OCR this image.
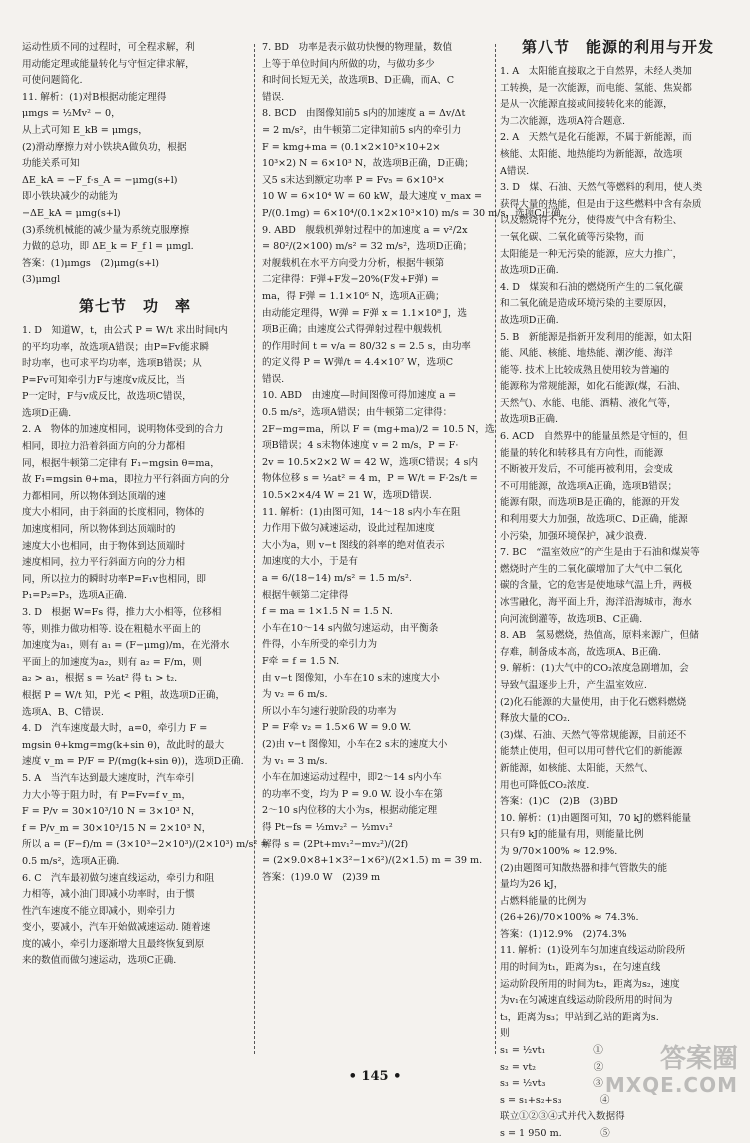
运动性质不同的过程时，可全程求解，利
用动能定理或能量转化与守恒定律求解，
可使问题简化.
11. 解析：(1)对B根据动能定理得
μmgs = ½Mv² − 0，
从上式可知 E_kB = μmgs，
(2)滑动摩擦力对小铁块A做负功，根据
功能关系可知
ΔE_kA = −F_f·s_A = −μmg(s+l)
即小铁块减少的动能为
−ΔE_kA = μmg(s+l)
(3)系统机械能的减少量为系统克服摩擦
力做的总功，即 ΔE_k = F_f l = μmgl.
答案：(1)μmgs　(2)μmg(s+l)
(3)μmgl
第七节　功　率
1. D　知道W，t，由公式 P = W/t 求出时间t内
的平均功率，故选项A错误；由P=Fv能求瞬
时功率，也可求平均功率，选项B错误；从
P=Fv可知牵引力F与速度v成反比，当
P一定时，F与v成反比，故选项C错误，
选项D正确.
2. A　物体的加速度相同，说明物体受到的合力
相同，即拉力沿着斜面方向的分力都相
同，根据牛顿第二定律有 F₁−mgsin θ=ma，
故 F₁=mgsin θ+ma，即拉力平行斜面方向的分
力都相同，所以物体到达顶端的速
度大小相同，由于斜面的长度相同，物体的
加速度相同，所以物体到达顶端时的
速度大小也相同，由于物体到达顶端时
速度相同，拉力平行斜面方向的分力相
同，所以拉力的瞬时功率P=F₁v也相同，即
P₁=P₂=P₃，选项A正确.
3. D　根据 W=Fs 得，推力大小相等，位移相
等，则推力做功相等. 设在粗糙水平面上的
加速度为a₁，则有 a₁ = (F−μmg)/m，在光滑水
平面上的加速度为a₂，则有 a₂ = F/m，则
a₂ > a₁，根据 s = ½at² 得 t₁ > t₂.
根据 P = W/t 知，P光 < P粗，故选项D正确，
选项A、B、C错误.
4. D　汽车速度最大时，a=0，牵引力 F =
mgsin θ+kmg=mg(k+sin θ)，故此时的最大
速度 v_m = P/F = P/(mg(k+sin θ))，选项D正确.
5. A　当汽车达到最大速度时，汽车牵引
力大小等于阻力时，有 P=Fv=f v_m，
F = P/v = 30×10³/10 N = 3×10³ N，
f = P/v_m = 30×10³/15 N = 2×10³ N，
所以 a = (F−f)/m = (3×10³−2×10³)/(2×10³) m/s² =
0.5 m/s²，选项A正确.
6. C　汽车最初做匀速直线运动，牵引力和阻
力相等，减小油门即减小功率时，由于惯
性汽车速度不能立即减小，则牵引力
变小，要减小，汽车开始做减速运动. 随着速
度的减小，牵引力逐渐增大且最终恢复到原
来的数值而做匀速运动，选项C正确.
7. BD　功率是表示做功快慢的物理量，数值
上等于单位时间内所做的功，与做功多少
和时间长短无关，故选项B、D正确，而A、C
错误.
8. BCD　由图像知前5 s内的加速度 a = Δv/Δt
= 2 m/s²，由牛顿第二定律知前5 s内的牵引力
F = kmg+ma = (0.1×2×10³×10+2×
10³×2) N = 6×10³ N，故选项B正确，D正确；
又5 s末达到额定功率 P = Fv₅ = 6×10³×
10 W = 6×10⁴ W = 60 kW，最大速度 v_max =
P/(0.1mg) = 6×10⁴/(0.1×2×10³×10) m/s = 30 m/s，选项C正确.
9. ABD　舰载机弹射过程中的加速度 a = v²/2x
= 80²/(2×100) m/s² = 32 m/s²，选项D正确；
对舰载机在水平方向受力分析，根据牛顿第
二定律得：F弹+F发−20%(F发+F弹) =
ma，得 F弹 = 1.1×10⁶ N，选项A正确；
由动能定理得，W弹 = F弹 x = 1.1×10⁸ J，选
项B正确；由速度公式得弹射过程中舰载机
的作用时间 t = v/a = 80/32 s = 2.5 s，由功率
的定义得 P = W弹/t = 4.4×10⁷ W，选项C
错误.
10. ABD　由速度—时间图像可得加速度 a =
0.5 m/s²，选项A错误；由牛顿第二定律得：
2F−mg=ma，所以 F = (mg+ma)/2 = 10.5 N，选
项B错误；4 s末物体速度 v = 2 m/s，P = F·
2v = 10.5×2×2 W = 42 W，选项C错误；4 s内
物体位移 s = ½at² = 4 m，P = W/t = F·2s/t =
10.5×2×4/4 W = 21 W，选项D错误.
11. 解析：(1)由图可知，14～18 s内小车在阻
力作用下做匀减速运动，设此过程加速度
大小为a，则 v−t 图线的斜率的绝对值表示
加速度的大小，于是有
a = 6/(18−14) m/s² = 1.5 m/s².
根据牛顿第二定律得
f = ma = 1×1.5 N = 1.5 N.
小车在10～14 s内做匀速运动，由平衡条
件得，小车所受的牵引力为
F牵 = f = 1.5 N.
由 v−t 图像知，小车在10 s末的速度大小
为 v₂ = 6 m/s.
所以小车匀速行驶阶段的功率为
P = F牵 v₂ = 1.5×6 W = 9.0 W.
(2)由 v−t 图像知，小车在2 s末的速度大小
为 v₁ = 3 m/s.
小车在加速运动过程中，即2～14 s内小车
的功率不变，均为 P = 9.0 W. 设小车在第
2～10 s内位移的大小为s，根据动能定理
得 Pt−fs = ½mv₂² − ½mv₁²
解得 s = (2Pt+mv₁²−mv₂²)/(2f)
= (2×9.0×8+1×3²−1×6²)/(2×1.5) m = 39 m.
答案：(1)9.0 W　(2)39 m
第八节　能源的利用与开发
1. A　太阳能直接取之于自然界，未经人类加
工转换，是一次能源，而电能、氢能、焦炭都
是从一次能源直接或间接转化来的能源，
为二次能源，选项A符合题意.
2. A　天然气是化石能源，不属于新能源，而
核能、太阳能、地热能均为新能源，故选项
A错误.
3. D　煤、石油、天然气等燃料的利用，使人类
获得大量的热能，但是由于这些燃料中含有杂质
以及燃烧得不充分，使得废气中含有粉尘、
一氧化碳、二氧化硫等污染物，而
太阳能是一种无污染的能源，应大力推广，
故选项D正确.
4. D　煤炭和石油的燃烧所产生的二氧化碳
和二氧化硫是造成环境污染的主要原因，
故选项D正确.
5. B　新能源是指新开发利用的能源，如太阳
能、风能、核能、地热能、潮汐能、海洋
能等. 技术上比较成熟且使用较为普遍的
能源称为常规能源，如化石能源(煤，石油、
天然气)、水能、电能、酒精、液化气等，
故选项B正确.
6. ACD　自然界中的能量虽然是守恒的，但
能量的转化和转移具有方向性，而能源
不断被开发后，不可能再被利用，会变成
不可用能源，故选项A正确，选项B错误；
能源有限，而选项B是正确的，能源的开发
和利用要大力加强，故选项C、D正确，能源
小污染，加强环境保护，减少浪费.
7. BC　“温室效应”的产生是由于石油和煤炭等
燃烧时产生的二氧化碳增加了大气中二氧化
碳的含量，它的危害是使地球气温上升，两极
冰雪融化，海平面上升，海洋沿海城市，海水
向河流倒灌等，故选项B、C正确.
8. AB　氢易燃烧，热值高，原料来源广，但储
存难，制备成本高，故选项A、B正确.
9. 解析：(1)大气中的CO₂浓度急剧增加，会
导致气温逐步上升，产生温室效应.
(2)化石能源的大量使用，由于化石燃料燃烧
释放大量的CO₂.
(3)煤、石油、天然气等常规能源，目前还不
能禁止使用，但可以用可替代它们的新能源
新能源，如核能、太阳能，天然气、
用也可降低CO₂浓度.
答案：(1)C　(2)B　(3)BD
10. 解析：(1)由题图可知，70 kJ的燃料能量
只有9 kJ的能量有用，则能量比例
为 9/70×100% ≈ 12.9%.
(2)由题图可知散热器和排气管散失的能
量均为26 kJ，
占燃料能量的比例为
(26+26)/70×100% ≈ 74.3%.
答案：(1)12.9%　(2)74.3%
11. 解析：(1)设列车匀加速直线运动阶段所
用的时间为t₁，距离为s₁，在匀速直线
运动阶段所用的时间为t₂，距离为s₂，速度
为v₁在匀减速直线运动阶段所用的时间为
t₃，距离为s₃；甲站到乙站的距离为s.
则
s₁ = ½vt₁　　　　　①
s₂ = vt₂　　　　　　②
s₃ = ½vt₃　　　　　③
s = s₁+s₂+s₃　　　　④
联立①②③④式并代入数据得
s = 1 950 m.　　　　⑤
• 145 •
答案圈
MXQE.COM
